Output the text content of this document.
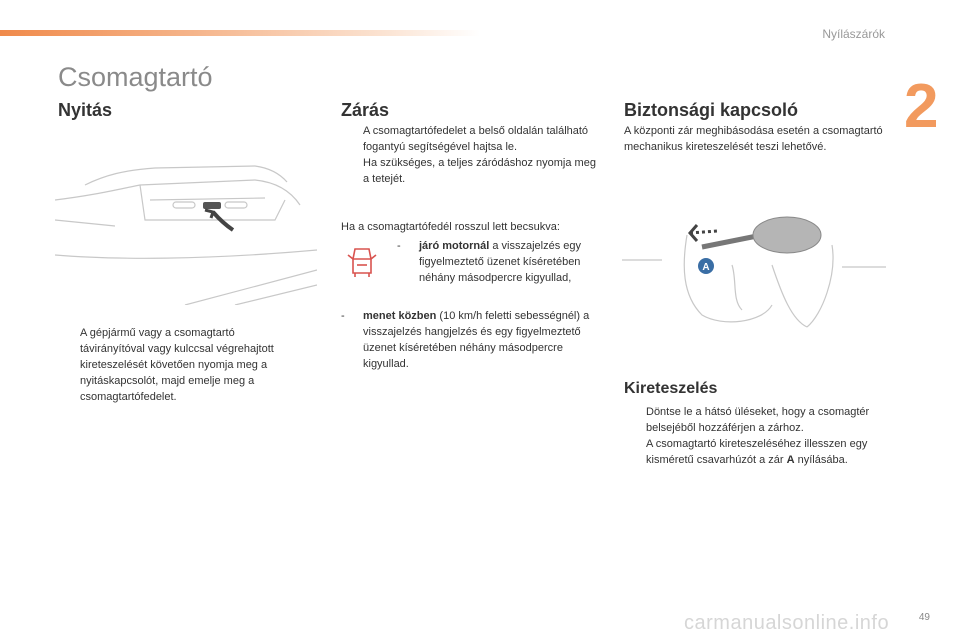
Nyílászárók
2
Csomagtartó
Nyitás
A gépjármű vagy a csomagtartó távirányítóval vagy kulccsal végrehajtott kireteszelését követően nyomja meg a nyitáskapcsolót, majd emelje meg a csomagtartófedelet.
Zárás
A csomagtartófedelet a belső oldalán található fogantyú segítségével hajtsa le.
Ha szükséges, a teljes záródáshoz nyomja meg a tetejét.
Ha a csomagtartófedél rosszul lett becsukva:
-	járó motornál a visszajelzés egy figyelmeztető üzenet kíséretében néhány másodpercre kigyullad,
-	menet közben (10 km/h feletti sebességnél) a visszajelzés hangjelzés és egy figyelmeztető üzenet kíséretében néhány másodpercre kigyullad.
Biztonsági kapcsoló
A központi zár meghibásodása esetén a csomagtartó mechanikus kireteszelését teszi lehetővé.
A
Kireteszelés
Döntse le a hátsó üléseket, hogy a csomagtér belsejéből hozzáférjen a zárhoz.
A csomagtartó kireteszeléséhez illesszen egy kisméretű csavarhúzót a zár A nyílásába.
carmanualsonline.info	49
